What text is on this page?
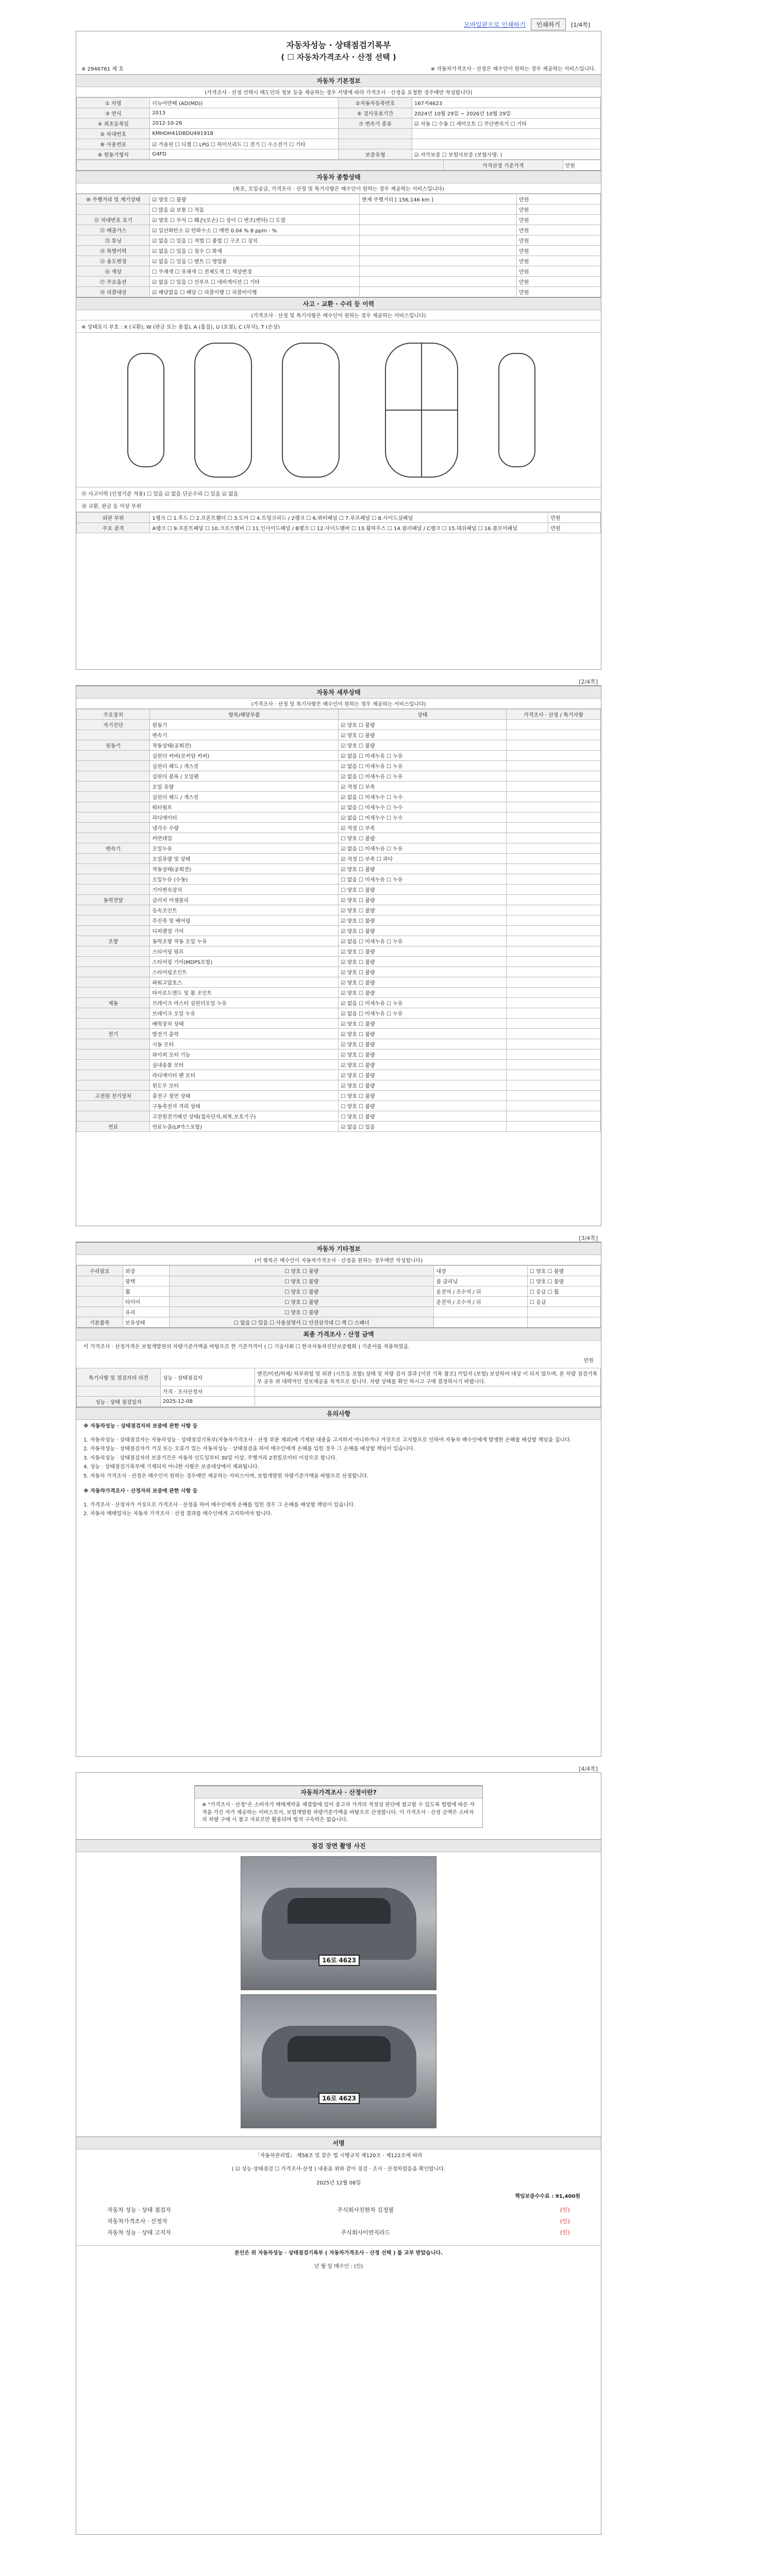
모바일판으로 인쇄하기	인쇄하기	[1/4쪽]
자동차성능 · 상태점검기록부
( ☐ 자동차가격조사 · 산정 선택 )
※ 2946761 제 호	※ 자동차가격조사 · 산정은 매수인이 원하는 경우 제공하는 서비스입니다.
자동차 기본정보
(가격조사 · 산정 선택시 매도인의 정보 등을 제공하는 경우 서명에 따라 가격조사 · 산정을 요청한 경우에만 작성합니다)
① 차명	더뉴아반떼 (AD(MD))	②자동차등록번호	167저4623
③ 연식	2013	⑥ 검사유효기간	2024년 10월 29일 ~ 2026년 10월 29일
④ 최초등록일	2012-10-26	⑦ 변속기 종류	☑ 자동 ☐ 수동 ☐ 세미오토 ☐ 무단변속기 ☐ 기타
⑤ 차대번호	KMHDH41DBDU491918		
⑧ 사용연료	☑ 가솔린 ☐ 디젤 ☐ LPG ☐ 하이브리드 ☐ 전기 ☐ 수소전기 ☐ 기타		
⑨ 원동기형식	G4FD	보증유형	☑ 자가보증 ☐ 보험사보증 (보험사명: )
	가격산정 기준가격	만원
자동차 종합상태
(폭포, 오일공급, 가격조사 · 산정 및 특기사항은 매수인이 원하는 경우 제공하는 서비스입니다)
⑩ 주행거리 및 계기상태	☑ 양호 ☐ 불량	현재 주행거리 [ 156,146 km ]	만원
	☐ 많음 ☑ 보통 ☐ 적음		만원
⑪ 차대번호 표기	☑ 양호 ☐ 부식 ☐ 훼손(오손) ☐ 상이 ☐ 변조(변타) ☐ 도말		만원
⑫ 배출가스	☑ 일산화탄소 ☑ 탄화수소 ☐ 매연 0.04 % 8 ppm - %		만원
⑬ 튜닝	☑ 없음 ☐ 있음 ☐ 적법 ☐ 불법 ☐ 구조 ☐ 장치		만원
⑭ 특별이력	☑ 없음 ☐ 있음 ☐ 침수 ☐ 화재		만원
⑮ 용도변경	☑ 없음 ☐ 있음 ☐ 렌트 ☐ 영업용		만원
⑯ 색상	☐ 무채색 ☐ 유채색 ☐ 전체도색 ☐ 색상변경		만원
⑰ 주요옵션	☑ 없음 ☐ 있음 ☐ 선루프 ☐ 네비게이션 ☐ 기타		만원
⑱ 리콜대상	☑ 해당없음 ☐ 해당 ☐ 리콜이행 ☐ 리콜미이행		만원
사고 · 교환 · 수리 등 이력
(가격조사 · 산정 및 특기사항은 매수인이 원하는 경우 제공하는 서비스입니다)
※ 상태표시 부호 : X (교환), W (판금 또는 용접), A (흠집), U (요철), C (부식), T (손상)
⑲ 사고이력 (인정기준 적용) ☐ 있음 ☑ 없음 단순수리 ☐ 있음 ☑ 없음
⑳ 교환, 판금 등 이상 부위
외판 부위	1랭크 ☐ 1.후드 ☐ 2.프론트휀더 ☐ 3.도어 ☐ 4.트렁크리드 / 2랭크 ☐ 6.쿼터패널 ☐ 7.루프패널 ☐ 8.사이드실패널	만원
주요 골격	A랭크 ☐ 9.프론트패널 ☐ 10.크로스멤버 ☐ 11.인사이드패널 / B랭크 ☐ 12.사이드멤버 ☐ 13.휠하우스 ☐ 14.필러패널 / C랭크 ☐ 15.대쉬패널 ☐ 16.플로어패널	만원
[2/4쪽]
자동차 세부상태
(가격조사 · 산정 및 특기사항은 매수인이 원하는 경우 제공하는 서비스입니다)
주요장치	항목/해당부품	상태	가격조사 · 산정 / 특기사항
자기진단	원동기	☑ 양호 ☐ 불량	
	변속기	☑ 양호 ☐ 불량	
원동기	작동상태(공회전)	☑ 양호 ☐ 불량	
	실린더 커버(로커암 커버)	☑ 없음 ☐ 미세누유 ☐ 누유	
	실린더 헤드 / 개스킷	☑ 없음 ☐ 미세누유 ☐ 누유	
	실린더 블록 / 오일팬	☑ 없음 ☐ 미세누유 ☐ 누유	
	오일 유량	☑ 적정 ☐ 부족	
	실린더 헤드 / 개스킷	☑ 없음 ☐ 미세누수 ☐ 누수	
	워터펌프	☑ 없음 ☐ 미세누수 ☐ 누수	
	라디에이터	☑ 없음 ☐ 미세누수 ☐ 누수	
	냉각수 수량	☑ 적정 ☐ 부족	
	커먼레일	☐ 양호 ☐ 불량	
변속기	오일누유	☑ 없음 ☐ 미세누유 ☐ 누유	
	오일유량 및 상태	☑ 적정 ☐ 부족 ☐ 과다	
	작동상태(공회전)	☑ 양호 ☐ 불량	
	오일누유 (수동)	☐ 없음 ☐ 미세누유 ☐ 누유	
	기어변속장치	☐ 양호 ☐ 불량	
동력전달	클러치 어셈블리	☑ 양호 ☐ 불량	
	등속조인트	☑ 양호 ☐ 불량	
	추진축 및 베어링	☑ 양호 ☐ 불량	
	디퍼렌셜 기어	☑ 양호 ☐ 불량	
조향	동력조향 작동 오일 누유	☑ 없음 ☐ 미세누유 ☐ 누유	
	스티어링 펌프	☑ 양호 ☐ 불량	
	스티어링 기어(MDPS포함)	☑ 양호 ☐ 불량	
	스티어링조인트	☑ 양호 ☐ 불량	
	파워고압호스	☑ 양호 ☐ 불량	
	타이로드엔드 및 볼 조인트	☑ 양호 ☐ 불량	
제동	브레이크 마스터 실린더오일 누유	☑ 없음 ☐ 미세누유 ☐ 누유	
	브레이크 오일 누유	☑ 없음 ☐ 미세누유 ☐ 누유	
	배력장치 상태	☑ 양호 ☐ 불량	
전기	발전기 출력	☑ 양호 ☐ 불량	
	시동 모터	☑ 양호 ☐ 불량	
	와이퍼 모터 기능	☑ 양호 ☐ 불량	
	실내송풍 모터	☑ 양호 ☐ 불량	
	라디에이터 팬 모터	☑ 양호 ☐ 불량	
	윈도우 모터	☑ 양호 ☐ 불량	
고전원 전기장치	충전구 절연 상태	☐ 양호 ☐ 불량	
	구동축전지 격리 상태	☐ 양호 ☐ 불량	
	고전원전기배선 상태(접속단자,피복,보호기구)	☐ 양호 ☐ 불량	
연료	연료누출(LP가스포함)	☑ 없음 ☐ 있음	
[3/4쪽]
자동차 기타정보
(이 항목은 매수인이 자동차가격조사 · 산정을 원하는 경우에만 작성합니다)
수리필요	외장	☐ 양호 ☐ 불량	내장	☐ 양호 ☐ 불량
	광택	☐ 양호 ☐ 불량	룸 클리닝	☐ 양호 ☐ 불량
	휠	☐ 양호 ☐ 불량	운전석 / 조수석 / 뒤	☐ 응급 ☐ 휠
	타이어	☐ 양호 ☐ 불량	운전석 / 조수석 / 뒤	☐ 응급
	유리	☐ 양호 ☐ 불량		
기본품목	보유상태	☐ 없음 ☐ 있음 ☐ 사용설명서 ☐ 안전삼각대 ☐ 잭 ☐ 스패너		
최종 가격조사 · 산정 금액
이 가격조사 · 산정가격은 보험개발원의 차량기준가액을 바탕으로 한 기준가격이 ( ☐ 기술사회 ☐ 한국자동차진단보증협회 ) 기준서를 적용하였음.
만원
특기사항 및 점검자의 의견	성능 · 상태점검자	엔진/미션/하체/ 하부위험 및 외관 (시트등 포함) 상태 및 차량 검사 결과 [이전 기록 참조] 가입자 (보험) 보상하여 대상 이 되지 않으며, 본 차량 점검기록부 공유 위 대략적인 정보제공을 목적으로 합니다. 차량 상태를 확인 하시고 구매 결정하시기 바랍니다.
	가격 · 조사산정자	
성능 · 상태 점검일자	2025-12-08	
유의사항
※ 자동차성능 · 상태점검자의 보증에 관한 사항 등

1. 자동차성능 · 상태점검자는 자동차성능 · 상태점검기록부(자동차가격조사 · 산정 부분 제외)에 기재된 내용을 고지하지 아니하거나 거짓으로 고지함으로 인하여 자동차 매수인에게 발생한 손해를 배상할 책임을 집니다.

2. 자동차성능 · 상태점검자가 거짓 또는 오류가 있는 자동차성능 · 상태점검을 하여 매수인에게 손해를 입힌 경우 그 손해를 배상할 책임이 있습니다.

3. 자동차성능 · 상태점검자의 보증기간은 자동차 인도일부터 30일 이상, 주행거리 2천킬로미터 이상으로 합니다.

4. 성능 · 상태점검기록부에 기재되지 아니한 사항은 보증대상에서 제외됩니다.

5. 자동차 가격조사 · 산정은 매수인이 원하는 경우에만 제공하는 서비스이며, 보험개발원 차량기준가액을 바탕으로 산정합니다.

※ 자동차가격조사 · 산정자의 보증에 관한 사항 등

1. 가격조사 · 산정자가 거짓으로 가격조사 · 산정을 하여 매수인에게 손해를 입힌 경우 그 손해를 배상할 책임이 있습니다.

2. 자동차 매매업자는 자동차 가격조사 · 산정 결과를 매수인에게 고지하여야 합니다.

[4/4쪽]
자동차가격조사 · 산정이란?
※ "가격조사 · 산정"은 소비자가 매매계약을 체결함에 있어 중고차 가격의 적정성 판단에 참고할 수 있도록 법령에 따른 자격을 가진 자가 제공하는 서비스로서, 보험개발원 차량기준가액을 바탕으로 산정합니다. 이 가격조사 · 산정 금액은 소비자의 차량 구매 시 참고 자료로만 활용되며 법적 구속력은 없습니다.
점검 장면 촬영 사진
16로 4623
16로 4623
서명
「자동차관리법」 제58조 및 같은 법 시행규칙 제120조 · 제122조에 따라
( ☑ 성능·상태점검 ☐ 가격조사·산정 ) 내용을 위와 같이 점검 · 조사 · 산정하였음을 확인합니다.
2025년 12월 08일
책임보증수수료 : 91,400원
자동차 성능 · 상태 점검자	주식회사진한차 김정필	(인)
자동차가격조사 · 산정자	(인)
자동차 성능 · 상태 고지자	주식회사이연지라드	(인)
본인은 위 자동차성능 · 상태점검기록부 ( 자동차가격조사 · 산정 선택 ) 를 교부 받았습니다.
년 월 일 매수인 : (인)
